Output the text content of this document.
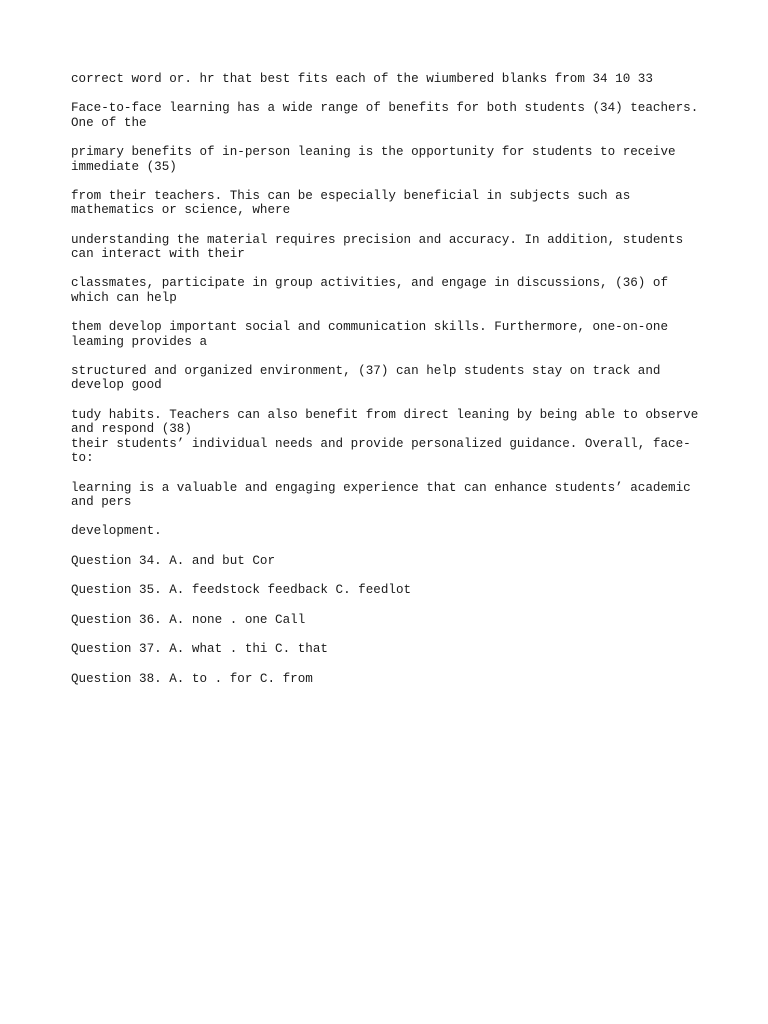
correct word or. hr that best fits each of the wiumbered blanks from 34 10 33

Face-to-face learning has a wide range of benefits for both students (34) teachers. One of the

primary benefits of in-person leaning is the opportunity for students to receive immediate (35)

from their teachers. This can be especially beneficial in subjects such as mathematics or science, where

understanding the material requires precision and accuracy. In addition, students can interact with their

classmates, participate in group activities, and engage in discussions, (36) of which can help

them develop important social and communication skills. Furthermore, one-on-one leaming provides a

structured and organized environment, (37) can help students stay on track and develop good

tudy habits. Teachers can also benefit from direct leaning by being able to observe and respond (38)

their students’ individual needs and provide personalized guidance. Overall, face-to:

learning is a valuable and engaging experience that can enhance students’ academic and pers

development.

Question 34. A. and but Cor

Question 35. A. feedstock feedback C. feedlot

Question 36. A. none . one Call

Question 37. A. what . thi C. that

Question 38. A. to . for C. from
